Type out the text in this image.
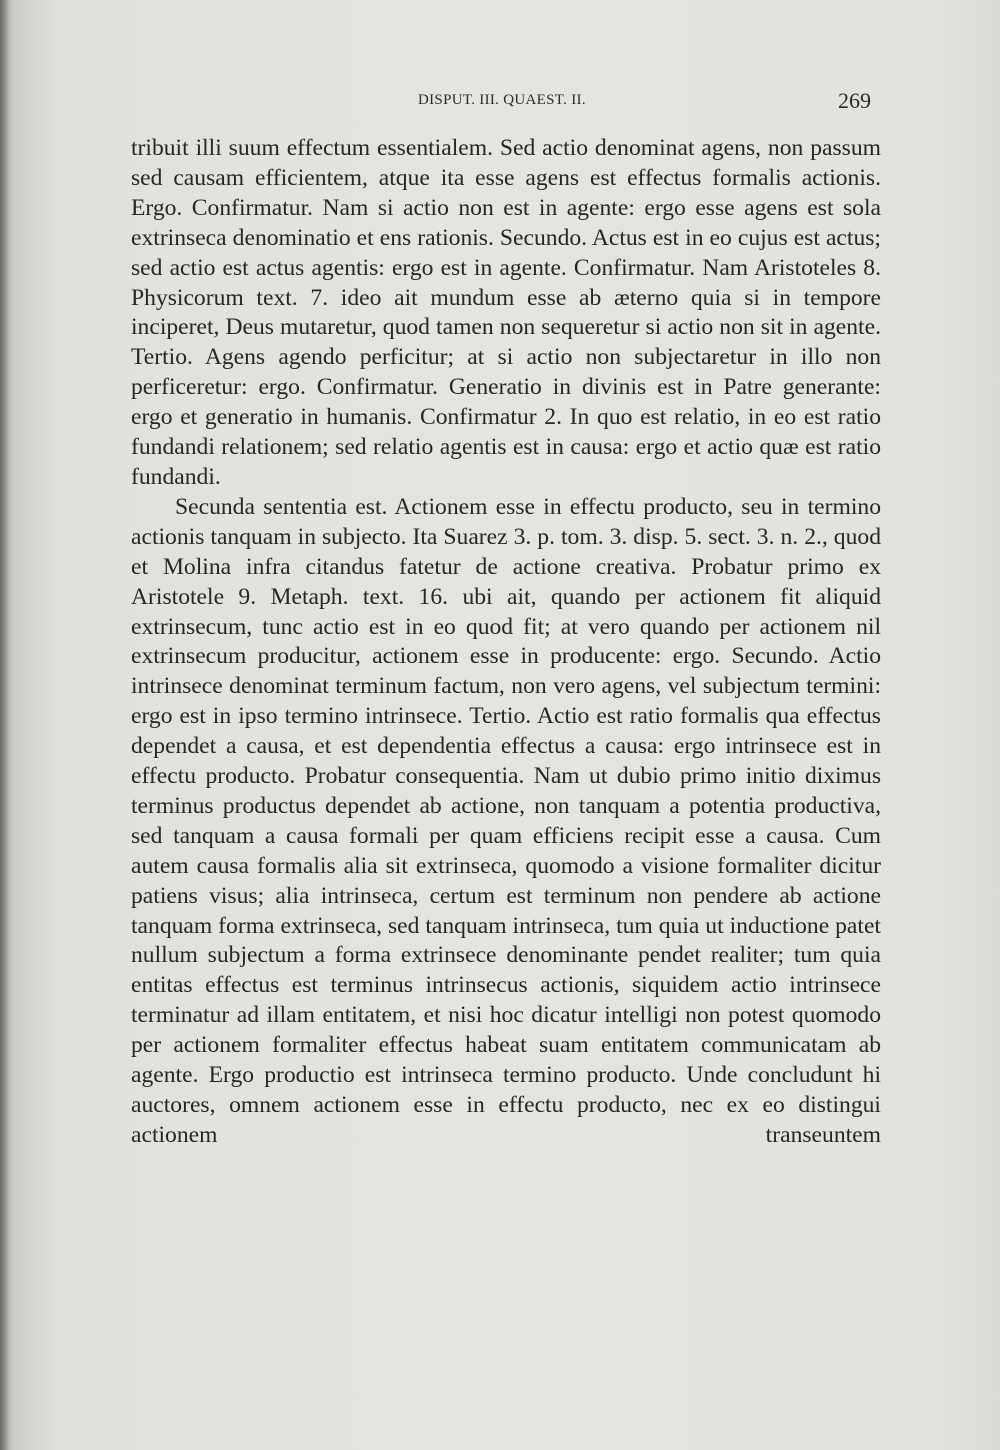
DISPUT. III. QUAEST. II.	269

tribuit illi suum effectum essentialem. Sed actio denominat agens, non passum sed causam efficientem, atque ita esse agens est effectus formalis actionis. Ergo. Confirmatur. Nam si actio non est in agente: ergo esse agens est sola extrinseca denominatio et ens rationis. Secundo. Actus est in eo cujus est actus; sed actio est actus agentis: ergo est in agente. Confirmatur. Nam Aristoteles 8. Physicorum text. 7. ideo ait mundum esse ab æterno quia si in tempore inciperet, Deus mutaretur, quod tamen non sequeretur si actio non sit in agente. Tertio. Agens agendo perficitur; at si actio non subjectaretur in illo non perficeretur: ergo. Confirmatur. Generatio in divinis est in Patre generante: ergo et generatio in humanis. Confirmatur 2. In quo est relatio, in eo est ratio fundandi relationem; sed relatio agentis est in causa: ergo et actio quæ est ratio fundandi.

Secunda sententia est. Actionem esse in effectu producto, seu in termino actionis tanquam in subjecto. Ita Suarez 3. p. tom. 3. disp. 5. sect. 3. n. 2., quod et Molina infra citandus fatetur de actione creativa. Probatur primo ex Aristotele 9. Metaph. text. 16. ubi ait, quando per actionem fit aliquid extrinsecum, tunc actio est in eo quod fit; at vero quando per actionem nil extrinsecum producitur, actionem esse in producente: ergo. Secundo. Actio intrinsece denominat terminum factum, non vero agens, vel subjectum termini: ergo est in ipso termino intrinsece. Tertio. Actio est ratio formalis qua effectus dependet a causa, et est dependentia effectus a causa: ergo intrinsece est in effectu producto. Probatur consequentia. Nam ut dubio primo initio diximus terminus productus dependet ab actione, non tanquam a potentia productiva, sed tanquam a causa formali per quam efficiens recipit esse a causa. Cum autem causa formalis alia sit extrinseca, quomodo a visione formaliter dicitur patiens visus; alia intrinseca, certum est terminum non pendere ab actione tanquam forma extrinseca, sed tanquam intrinseca, tum quia ut inductione patet nullum subjectum a forma extrinsece denominante pendet realiter; tum quia entitas effectus est terminus intrinsecus actionis, siquidem actio intrinsece terminatur ad illam entitatem, et nisi hoc dicatur intelligi non potest quomodo per actionem formaliter effectus habeat suam entitatem communicatam ab agente. Ergo productio est intrinseca termino producto. Unde concludunt hi auctores, omnem actionem esse in effectu producto, nec ex eo distingui actionem transeuntem
